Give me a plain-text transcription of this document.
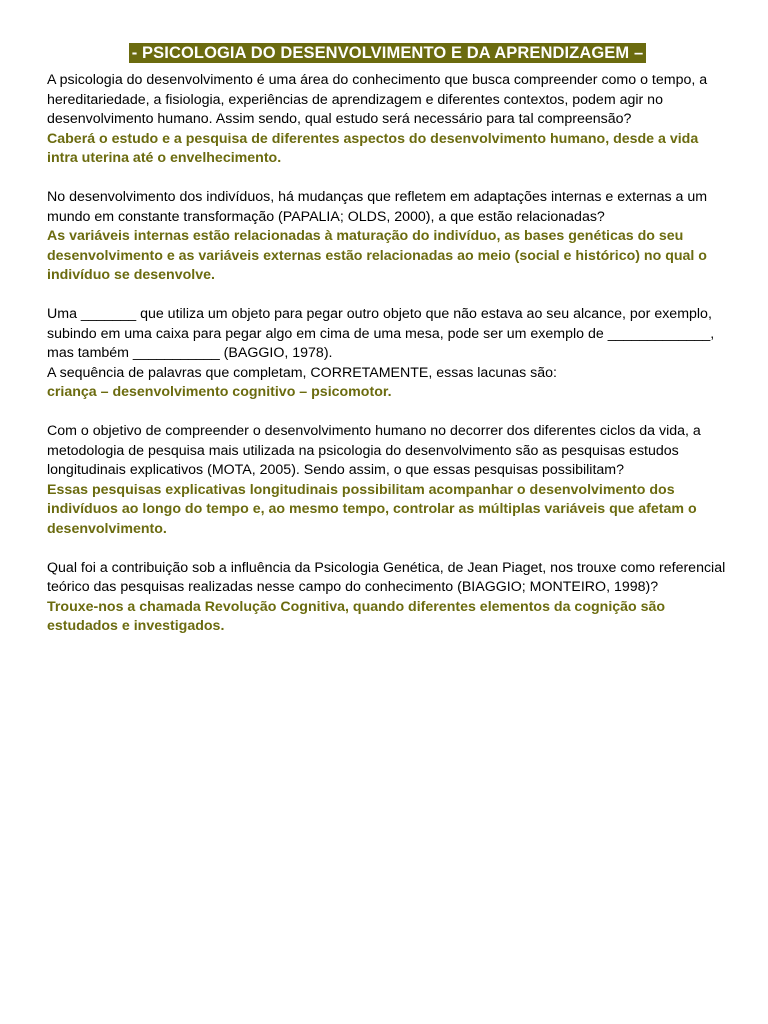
- PSICOLOGIA DO DESENVOLVIMENTO E DA APRENDIZAGEM –

A psicologia do desenvolvimento é uma área do conhecimento que busca compreender como o tempo, a hereditariedade, a fisiologia, experiências de aprendizagem e diferentes contextos, podem agir no desenvolvimento humano. Assim sendo, qual estudo será necessário para tal compreensão?

Caberá o estudo e a pesquisa de diferentes aspectos do desenvolvimento humano, desde a vida intra uterina até o envelhecimento.

No desenvolvimento dos indivíduos, há mudanças que refletem em adaptações internas e externas a um mundo em constante transformação (PAPALIA; OLDS, 2000), a que estão relacionadas?

As variáveis internas estão relacionadas à maturação do indivíduo, as bases genéticas do seu desenvolvimento e as variáveis externas estão relacionadas ao meio (social e histórico) no qual o indivíduo se desenvolve.

Uma _______ que utiliza um objeto para pegar outro objeto que não estava ao seu alcance, por exemplo, subindo em uma caixa para pegar algo em cima de uma mesa, pode ser um exemplo de _____________, mas também ___________ (BAGGIO, 1978).

A sequência de palavras que completam, CORRETAMENTE, essas lacunas são:

criança – desenvolvimento cognitivo – psicomotor.

Com o objetivo de compreender o desenvolvimento humano no decorrer dos diferentes ciclos da vida, a metodologia de pesquisa mais utilizada na psicologia do desenvolvimento são as pesquisas estudos longitudinais explicativos (MOTA, 2005). Sendo assim, o que essas pesquisas possibilitam?

Essas pesquisas explicativas longitudinais possibilitam acompanhar o desenvolvimento dos indivíduos ao longo do tempo e, ao mesmo tempo, controlar as múltiplas variáveis que afetam o desenvolvimento.

Qual foi a contribuição sob a influência da Psicologia Genética, de Jean Piaget, nos trouxe como referencial teórico das pesquisas realizadas nesse campo do conhecimento (BIAGGIO; MONTEIRO, 1998)?

Trouxe-nos a chamada Revolução Cognitiva, quando diferentes elementos da cognição são estudados e investigados.
